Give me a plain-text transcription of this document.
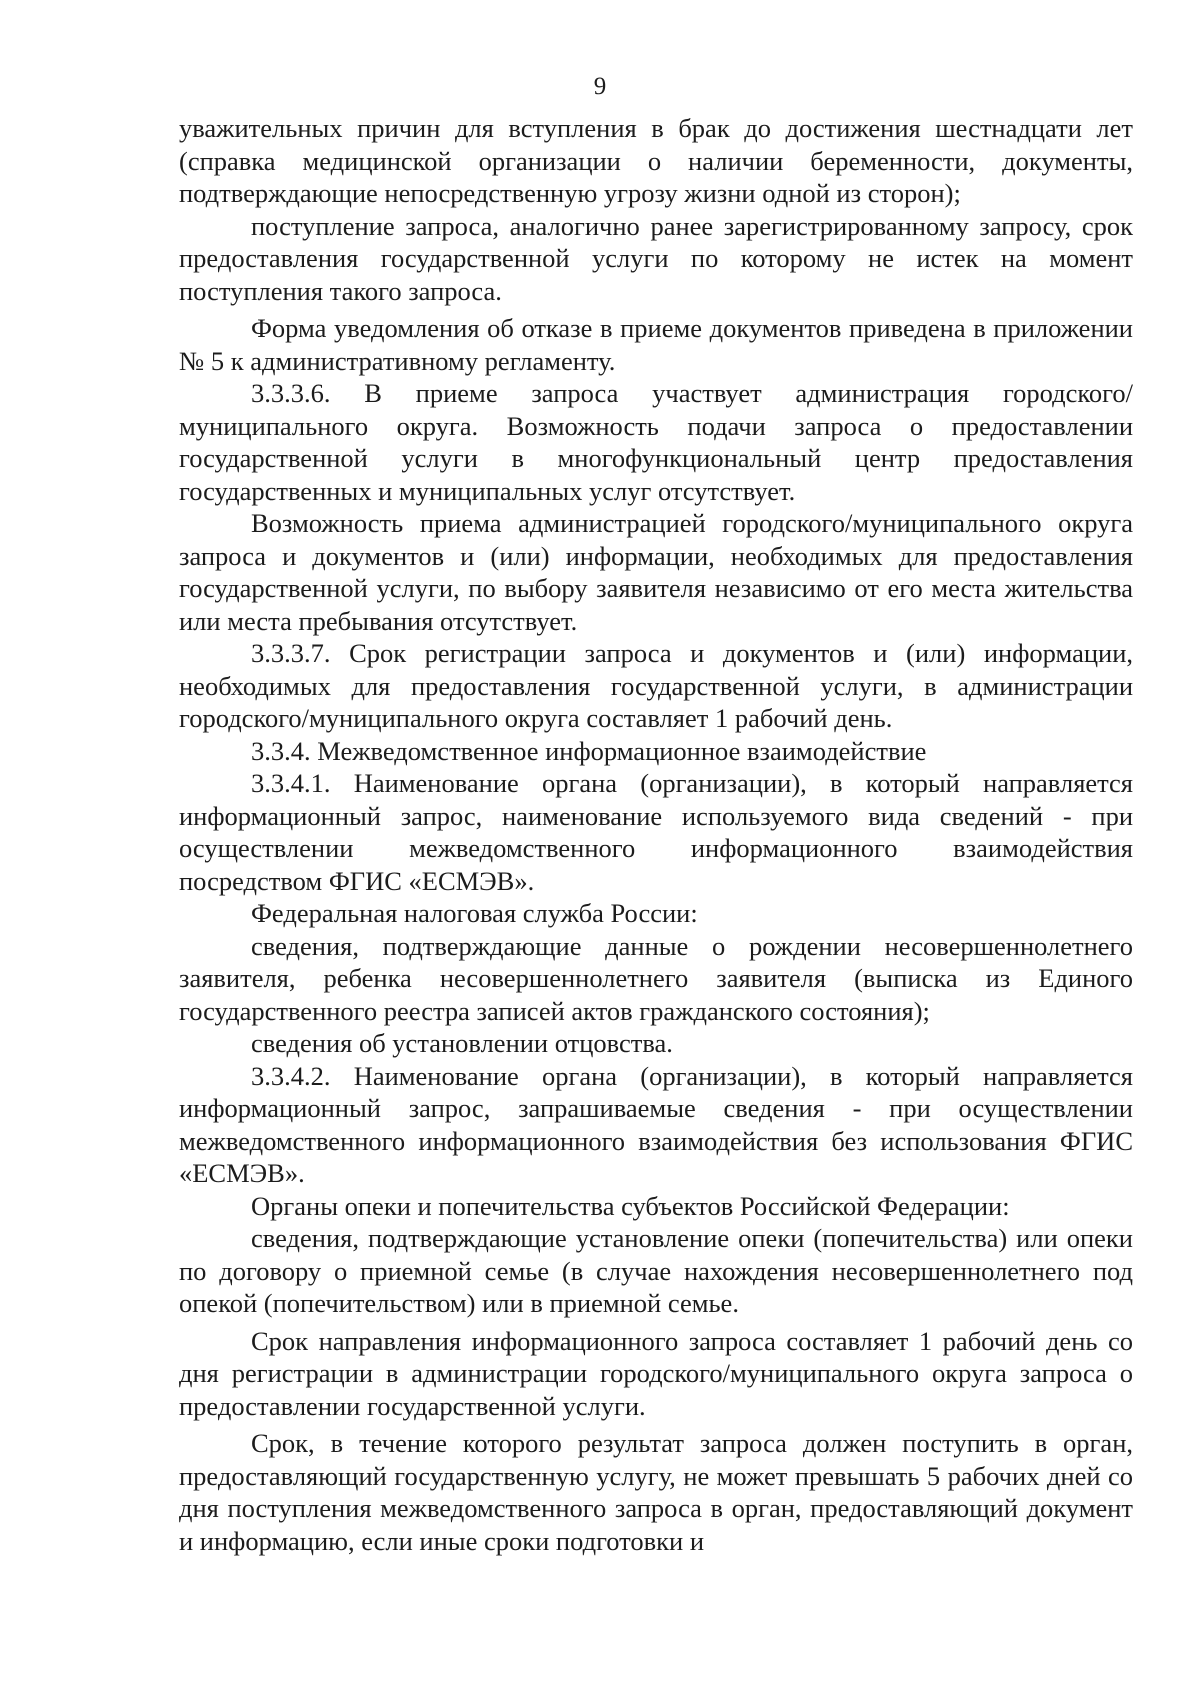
9

уважительных причин для вступления в брак до достижения шестнадцати лет (справка медицинской организации о наличии беременности, документы, подтверждающие непосредственную угрозу жизни одной из сторон);

поступление запроса, аналогично ранее зарегистрированному запросу, срок предоставления государственной услуги по которому не истек на момент поступления такого запроса.

Форма уведомления об отказе в приеме документов приведена в приложении № 5 к административному регламенту.

3.3.3.6. В приеме запроса участвует администрация городского/муниципального округа. Возможность подачи запроса о предоставлении государственной услуги в многофункциональный центр предоставления государственных и муниципальных услуг отсутствует.

Возможность приема администрацией городского/муниципального округа запроса и документов и (или) информации, необходимых для предоставления государственной услуги, по выбору заявителя независимо от его места жительства или места пребывания отсутствует.

3.3.3.7. Срок регистрации запроса и документов и (или) информации, необходимых для предоставления государственной услуги, в администрации городского/муниципального округа составляет 1 рабочий день.

3.3.4. Межведомственное информационное взаимодействие

3.3.4.1. Наименование органа (организации), в который направляется информационный запрос, наименование используемого вида сведений - при осуществлении межведомственного информационного взаимодействия посредством ФГИС «ЕСМЭВ».

Федеральная налоговая служба России:

сведения, подтверждающие данные о рождении несовершеннолетнего заявителя, ребенка несовершеннолетнего заявителя (выписка из Единого государственного реестра записей актов гражданского состояния);

сведения об установлении отцовства.

3.3.4.2. Наименование органа (организации), в который направляется информационный запрос, запрашиваемые сведения - при осуществлении межведомственного информационного взаимодействия без использования ФГИС «ЕСМЭВ».

Органы опеки и попечительства субъектов Российской Федерации:

сведения, подтверждающие установление опеки (попечительства) или опеки по договору о приемной семье (в случае нахождения несовершеннолетнего под опекой (попечительством) или в приемной семье.

Срок направления информационного запроса составляет 1 рабочий день со дня регистрации в администрации городского/муниципального округа запроса о предоставлении государственной услуги.

Срок, в течение которого результат запроса должен поступить в орган, предоставляющий государственную услугу, не может превышать 5 рабочих дней со дня поступления межведомственного запроса в орган, предоставляющий документ и информацию, если иные сроки подготовки и
